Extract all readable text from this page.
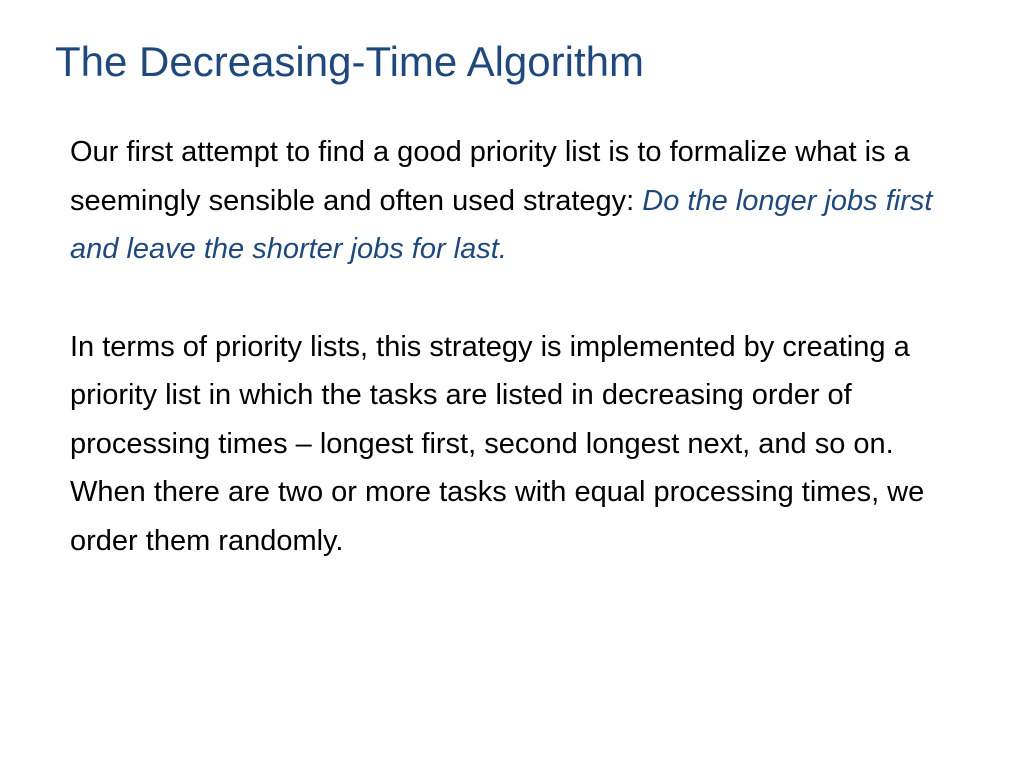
The Decreasing-Time Algorithm

Our first attempt to find a good priority list is to formalize what is a seemingly sensible and often used strategy: Do the longer jobs first and leave the shorter jobs for last.

In terms of priority lists, this strategy is implemented by creating a priority list in which the tasks are listed in decreasing order of processing times – longest first, second longest next, and so on. When there are two or more tasks with equal processing times, we order them randomly.
